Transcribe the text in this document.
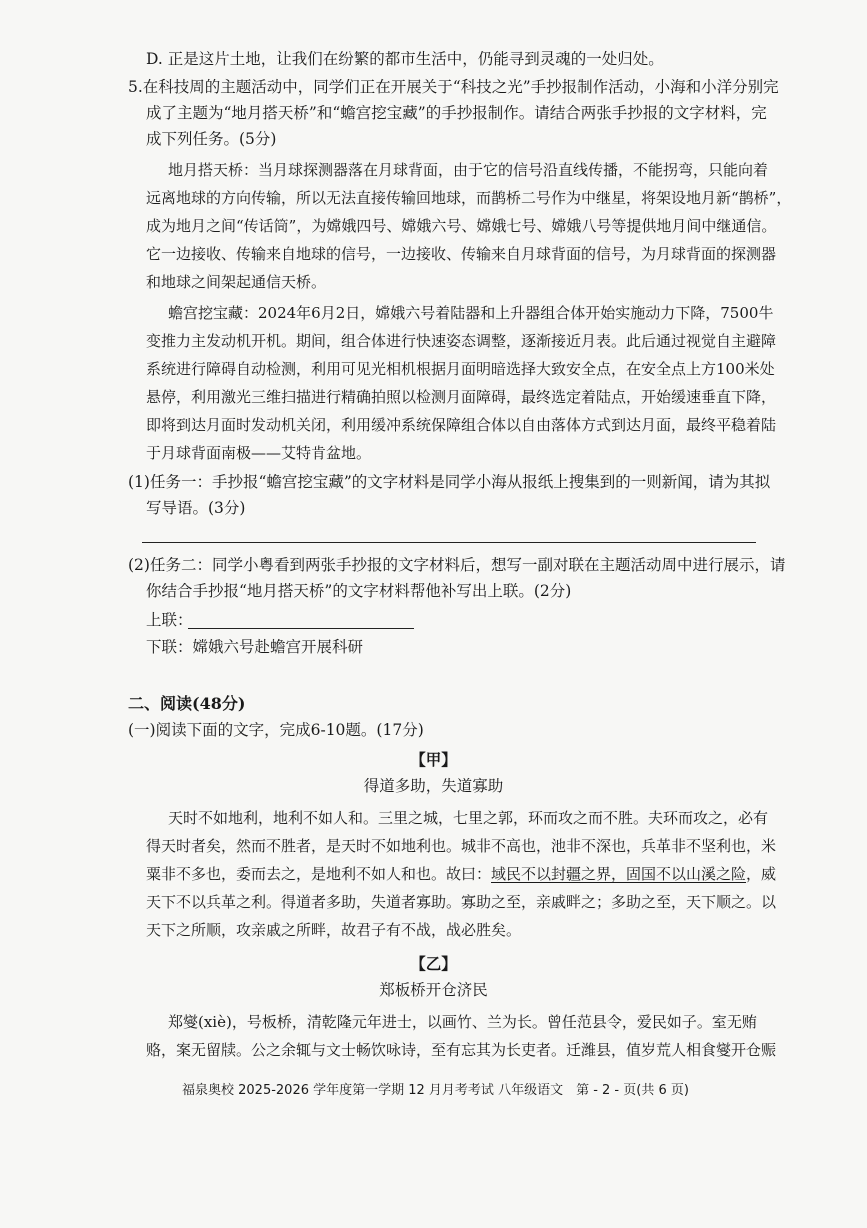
D. 正是这片土地，让我们在纷繁的都市生活中，仍能寻到灵魂的一处归处。
5.在科技周的主题活动中，同学们正在开展关于“科技之光”手抄报制作活动，小海和小洋分别完
成了主题为“地月搭天桥”和“蟾宫挖宝藏”的手抄报制作。请结合两张手抄报的文字材料，完
成下列任务。(5分)
地月搭天桥：当月球探测器落在月球背面，由于它的信号沿直线传播，不能拐弯，只能向着
远离地球的方向传输，所以无法直接传输回地球，而鹊桥二号作为中继星，将架设地月新“鹊桥”，
成为地月之间“传话筒”，为嫦娥四号、嫦娥六号、嫦娥七号、嫦娥八号等提供地月间中继通信。
它一边接收、传输来自地球的信号，一边接收、传输来自月球背面的信号，为月球背面的探测器
和地球之间架起通信天桥。
蟾宫挖宝藏：2024年6月2日，嫦娥六号着陆器和上升器组合体开始实施动力下降，7500牛
变推力主发动机开机。期间，组合体进行快速姿态调整，逐渐接近月表。此后通过视觉自主避障
系统进行障碍自动检测，利用可见光相机根据月面明暗选择大致安全点，在安全点上方100米处
悬停，利用激光三维扫描进行精确拍照以检测月面障碍，最终选定着陆点，开始缓速垂直下降，
即将到达月面时发动机关闭，利用缓冲系统保障组合体以自由落体方式到达月面，最终平稳着陆
于月球背面南极——艾特肯盆地。
(1)任务一：手抄报“蟾宫挖宝藏”的文字材料是同学小海从报纸上搜集到的一则新闻，请为其拟
写导语。(3分)
(2)任务二：同学小粤看到两张手抄报的文字材料后，想写一副对联在主题活动周中进行展示，请
你结合手抄报“地月搭天桥”的文字材料帮他补写出上联。(2分)
上联：
下联：嫦娥六号赴蟾宫开展科研
二、阅读(48分)
(一)阅读下面的文字，完成6-10题。(17分)
【甲】
得道多助，失道寡助
天时不如地利，地利不如人和。三里之城，七里之郭，环而攻之而不胜。夫环而攻之，必有
得天时者矣，然而不胜者，是天时不如地利也。城非不高也，池非不深也，兵革非不坚利也，米
粟非不多也，委而去之，是地利不如人和也。故曰：域民不以封疆之界，固国不以山溪之险，威
天下不以兵革之利。得道者多助，失道者寡助。寡助之至，亲戚畔之；多助之至，天下顺之。以
天下之所顺，攻亲戚之所畔，故君子有不战，战必胜矣。
【乙】
郑板桥开仓济民
郑燮(xiè)，号板桥，清乾隆元年进士，以画竹、兰为长。曾任范县令，爱民如子。室无贿
赂，案无留牍。公之余辄与文士畅饮咏诗，至有忘其为长吏者。迁潍县，值岁荒人相食燮开仓赈
福泉奥校 2025-2026 学年度第一学期 12 月月考考试 八年级语文　第 - 2 - 页(共 6 页)
